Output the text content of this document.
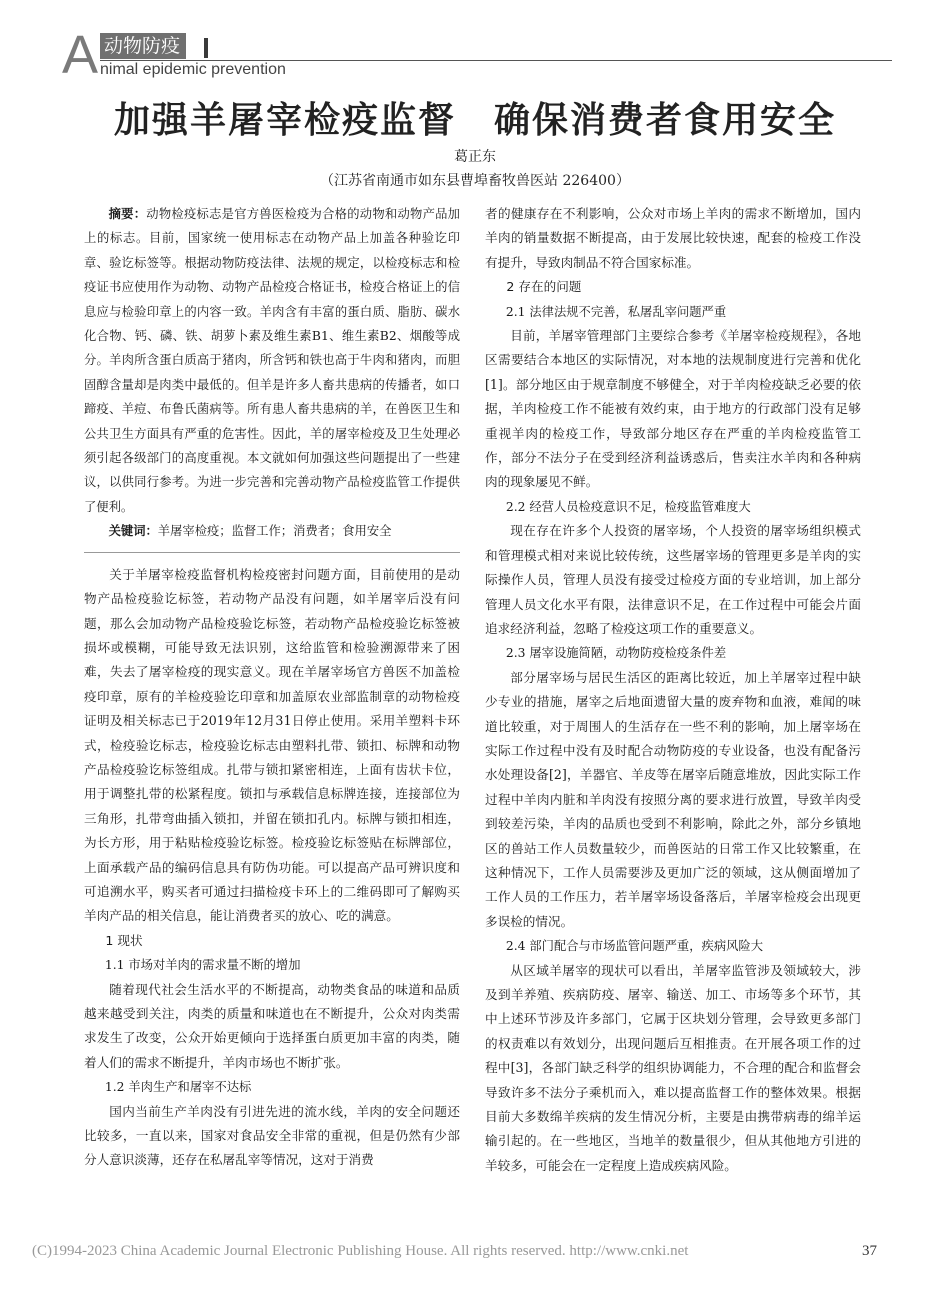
A 动物防疫
nimal epidemic prevention
加强羊屠宰检疫监督　确保消费者食用安全
葛正东
（江苏省南通市如东县曹埠畜牧兽医站 226400）

摘要：动物检疫标志是官方兽医检疫为合格的动物和动物产品加上的标志。目前，国家统一使用标志在动物产品上加盖各种验讫印章、验讫标签等。根据动物防疫法律、法规的规定，以检疫标志和检疫证书应使用作为动物、动物产品检疫合格证书，检疫合格证上的信息应与检验印章上的内容一致。羊肉含有丰富的蛋白质、脂肪、碳水化合物、钙、磷、铁、胡萝卜素及维生素B1、维生素B2、烟酸等成分。羊肉所含蛋白质高于猪肉，所含钙和铁也高于牛肉和猪肉，而胆固醇含量却是肉类中最低的。但羊是许多人畜共患病的传播者，如口蹄疫、羊痘、布鲁氏菌病等。所有患人畜共患病的羊，在兽医卫生和公共卫生方面具有严重的危害性。因此，羊的屠宰检疫及卫生处理必须引起各级部门的高度重视。本文就如何加强这些问题提出了一些建议，以供同行参考。为进一步完善和完善动物产品检疫监管工作提供了便利。

关键词：羊屠宰检疫；监督工作；消费者；食用安全

关于羊屠宰检疫监督机构检疫密封问题方面，目前使用的是动物产品检疫验讫标签，若动物产品没有问题，如羊屠宰后没有问题，那么会加动物产品检疫验讫标签，若动物产品检疫验讫标签被损坏或模糊，可能导致无法识别，这给监管和检验溯源带来了困难，失去了屠宰检疫的现实意义。现在羊屠宰场官方兽医不加盖检疫印章，原有的羊检疫验讫印章和加盖原农业部监制章的动物检疫证明及相关标志已于2019年12月31日停止使用。采用羊塑料卡环式，检疫验讫标志，检疫验讫标志由塑料扎带、锁扣、标牌和动物产品检疫验讫标签组成。扎带与锁扣紧密相连，上面有齿状卡位，用于调整扎带的松紧程度。锁扣与承载信息标牌连接，连接部位为三角形，扎带弯曲插入锁扣，并留在锁扣孔内。标牌与锁扣相连，为长方形，用于粘贴检疫验讫标签。检疫验讫标签贴在标牌部位，上面承载产品的编码信息具有防伪功能。可以提高产品可辨识度和可追溯水平，购买者可通过扫描检疫卡环上的二维码即可了解购买羊肉产品的相关信息，能让消费者买的放心、吃的满意。

1 现状

1.1 市场对羊肉的需求量不断的增加

随着现代社会生活水平的不断提高，动物类食品的味道和品质越来越受到关注，肉类的质量和味道也在不断提升，公众对肉类需求发生了改变，公众开始更倾向于选择蛋白质更加丰富的肉类，随着人们的需求不断提升，羊肉市场也不断扩张。

1.2 羊肉生产和屠宰不达标

国内当前生产羊肉没有引进先进的流水线，羊肉的安全问题还比较多，一直以来，国家对食品安全非常的重视，但是仍然有少部分人意识淡薄，还存在私屠乱宰等情况，这对于消费

者的健康存在不利影响，公众对市场上羊肉的需求不断增加，国内羊肉的销量数据不断提高，由于发展比较快速，配套的检疫工作没有提升，导致肉制品不符合国家标准。

2 存在的问题

2.1 法律法规不完善，私屠乱宰问题严重

目前，羊屠宰管理部门主要综合参考《羊屠宰检疫规程》，各地区需要结合本地区的实际情况，对本地的法规制度进行完善和优化[1]。部分地区由于规章制度不够健全，对于羊肉检疫缺乏必要的依据，羊肉检疫工作不能被有效约束，由于地方的行政部门没有足够重视羊肉的检疫工作，导致部分地区存在严重的羊肉检疫监管工作，部分不法分子在受到经济利益诱惑后，售卖注水羊肉和各种病肉的现象屡见不鲜。

2.2 经营人员检疫意识不足，检疫监管难度大

现在存在许多个人投资的屠宰场，个人投资的屠宰场组织模式和管理模式相对来说比较传统，这些屠宰场的管理更多是羊肉的实际操作人员，管理人员没有接受过检疫方面的专业培训，加上部分管理人员文化水平有限，法律意识不足，在工作过程中可能会片面追求经济利益，忽略了检疫这项工作的重要意义。

2.3 屠宰设施简陋，动物防疫检疫条件差

部分屠宰场与居民生活区的距离比较近，加上羊屠宰过程中缺少专业的措施，屠宰之后地面遗留大量的废弃物和血液，难闻的味道比较重，对于周围人的生活存在一些不利的影响，加上屠宰场在实际工作过程中没有及时配合动物防疫的专业设备，也没有配备污水处理设备[2]，羊器官、羊皮等在屠宰后随意堆放，因此实际工作过程中羊肉内脏和羊肉没有按照分离的要求进行放置，导致羊肉受到较差污染，羊肉的品质也受到不利影响，除此之外，部分乡镇地区的兽站工作人员数量较少，而兽医站的日常工作又比较繁重，在这种情况下，工作人员需要涉及更加广泛的领域，这从侧面增加了工作人员的工作压力，若羊屠宰场设备落后，羊屠宰检疫会出现更多误检的情况。

2.4 部门配合与市场监管问题严重，疾病风险大

从区域羊屠宰的现状可以看出，羊屠宰监管涉及领域较大，涉及到羊养殖、疾病防疫、屠宰、输送、加工、市场等多个环节，其中上述环节涉及许多部门，它属于区块划分管理，会导致更多部门的权责难以有效划分，出现问题后互相推责。在开展各项工作的过程中[3]，各部门缺乏科学的组织协调能力，不合理的配合和监督会导致许多不法分子乘机而入，难以提高监督工作的整体效果。根据目前大多数绵羊疾病的发生情况分析，主要是由携带病毒的绵羊运输引起的。在一些地区，当地羊的数量很少，但从其他地方引进的羊较多，可能会在一定程度上造成疾病风险。

(C)1994-2023 China Academic Journal Electronic Publishing House. All rights reserved. http://www.cnki.net	37
